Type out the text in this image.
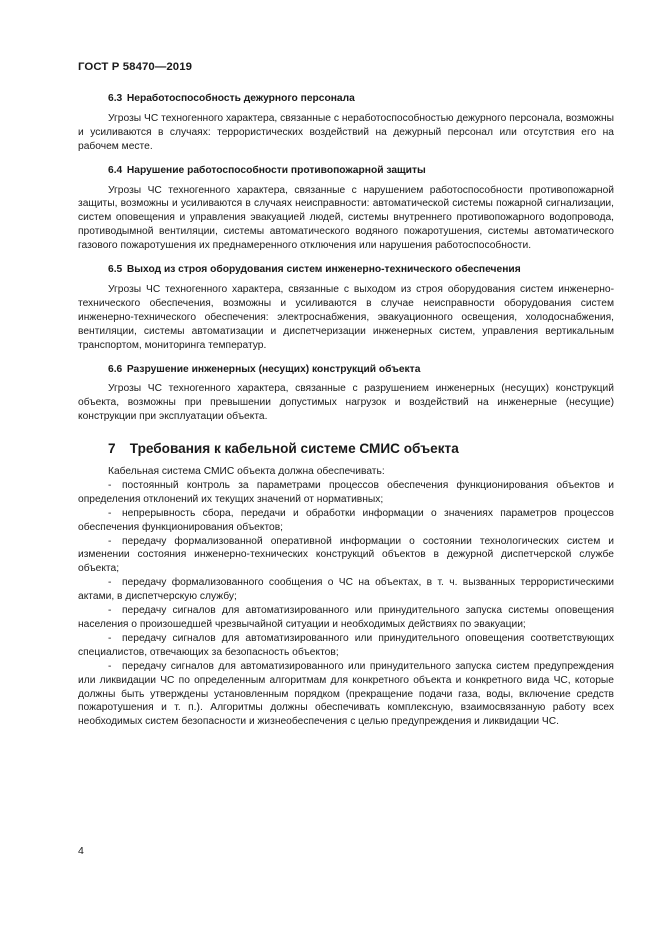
ГОСТ Р 58470—2019
6.3 Неработоспособность дежурного персонала

Угрозы ЧС техногенного характера, связанные с неработоспособностью дежурного персонала, возможны и усиливаются в случаях: террористических воздействий на дежурный персонал или отсутствия его на рабочем месте.

6.4 Нарушение работоспособности противопожарной защиты

Угрозы ЧС техногенного характера, связанные с нарушением работоспособности противопожарной защиты, возможны и усиливаются в случаях неисправности: автоматической системы пожарной сигнализации, систем оповещения и управления эвакуацией людей, системы внутреннего противопожарного водопровода, противодымной вентиляции, системы автоматического водяного пожаротушения, системы автоматического газового пожаротушения их преднамеренного отключения или нарушения работоспособности.

6.5 Выход из строя оборудования систем инженерно-технического обеспечения

Угрозы ЧС техногенного характера, связанные с выходом из строя оборудования систем инженерно-технического обеспечения, возможны и усиливаются в случае неисправности оборудования систем инженерно-технического обеспечения: электроснабжения, эвакуационного освещения, холодоснабжения, вентиляции, системы автоматизации и диспетчеризации инженерных систем, управления вертикальным транспортом, мониторинга температур.

6.6 Разрушение инженерных (несущих) конструкций объекта

Угрозы ЧС техногенного характера, связанные с разрушением инженерных (несущих) конструкций объекта, возможны при превышении допустимых нагрузок и воздействий на инженерные (несущие) конструкции при эксплуатации объекта.

7 Требования к кабельной системе СМИС объекта

Кабельная система СМИС объекта должна обеспечивать:

- постоянный контроль за параметрами процессов обеспечения функционирования объектов и определения отклонений их текущих значений от нормативных;

- непрерывность сбора, передачи и обработки информации о значениях параметров процессов обеспечения функционирования объектов;

- передачу формализованной оперативной информации о состоянии технологических систем и изменении состояния инженерно-технических конструкций объектов в дежурной диспетчерской службе объекта;

- передачу формализованного сообщения о ЧС на объектах, в т. ч. вызванных террористическими актами, в диспетчерскую службу;

- передачу сигналов для автоматизированного или принудительного запуска системы оповещения населения о произошедшей чрезвычайной ситуации и необходимых действиях по эвакуации;

- передачу сигналов для автоматизированного или принудительного оповещения соответствующих специалистов, отвечающих за безопасность объектов;

- передачу сигналов для автоматизированного или принудительного запуска систем предупреждения или ликвидации ЧС по определенным алгоритмам для конкретного объекта и конкретного вида ЧС, которые должны быть утверждены установленным порядком (прекращение подачи газа, воды, включение средств пожаротушения и т. п.). Алгоритмы должны обеспечивать комплексную, взаимосвязанную работу всех необходимых систем безопасности и жизнеобеспечения с целью предупреждения и ликвидации ЧС.

4
